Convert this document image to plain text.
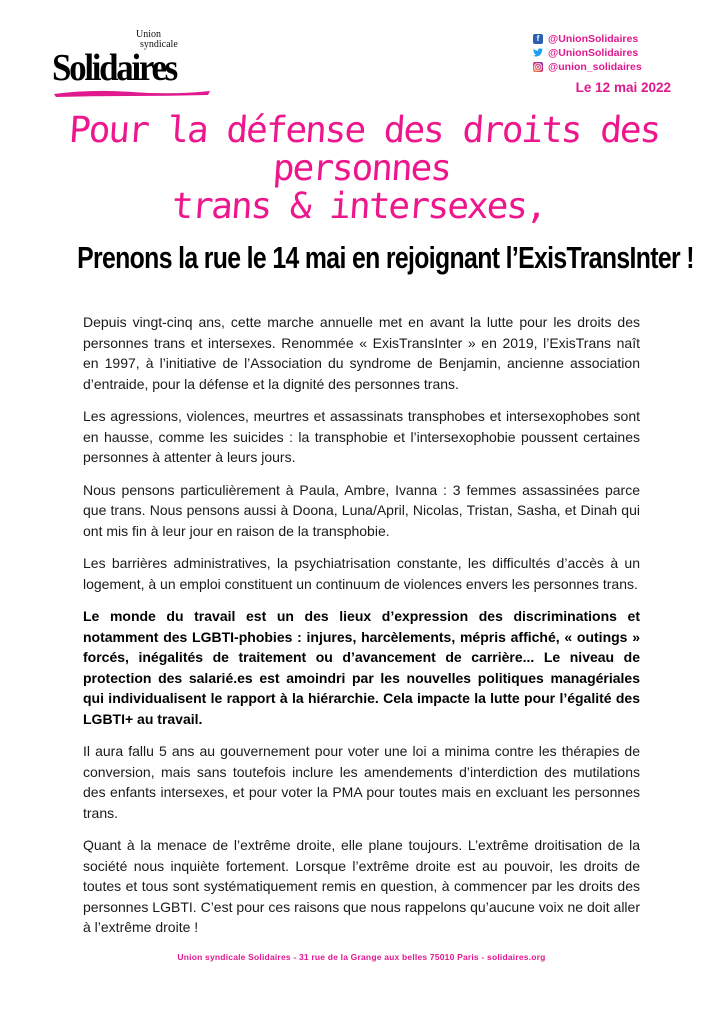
Union
syndicale
Solidaires
f @UnionSolidaires
@UnionSolidaires
@union_solidaires
Le 12 mai 2022
Pour la défense des droits des personnes
trans & intersexes,
Prenons la rue le 14 mai en rejoignant l’ExisTransInter !

Depuis vingt-cinq ans, cette marche annuelle met en avant la lutte pour les droits des personnes trans et intersexes. Renommée « ExisTransInter » en 2019, l’ExisTrans naît en 1997, à l’initiative de l’Association du syndrome de Benjamin, ancienne association d’entraide, pour la défense et la dignité des personnes trans.

Les agressions, violences, meurtres et assassinats transphobes et intersexophobes sont en hausse, comme les suicides : la transphobie et l’intersexophobie poussent certaines personnes à attenter à leurs jours.

Nous pensons particulièrement à Paula, Ambre, Ivanna : 3 femmes assassinées parce que trans. Nous pensons aussi à Doona, Luna/April, Nicolas, Tristan, Sasha, et Dinah qui ont mis fin à leur jour en raison de la transphobie.

Les barrières administratives, la psychiatrisation constante, les difficultés d’accès à un logement, à un emploi constituent un continuum de violences envers les personnes trans.

Le monde du travail est un des lieux d’expression des discriminations et notamment des LGBTI-phobies : injures, harcèlements, mépris affiché, « outings » forcés, inégalités de traitement ou d’avancement de carrière... Le niveau de protection des salarié.es est amoindri par les nouvelles politiques managériales qui individualisent le rapport à la hiérarchie. Cela impacte la lutte pour l’égalité des LGBTI+ au travail.

Il aura fallu 5 ans au gouvernement pour voter une loi a minima contre les thérapies de conversion, mais sans toutefois inclure les amendements d’interdiction des mutilations des enfants intersexes, et pour voter la PMA pour toutes mais en excluant les personnes trans.

Quant à la menace de l’extrême droite, elle plane toujours. L’extrême droitisation de la société nous inquiète fortement. Lorsque l’extrême droite est au pouvoir, les droits de toutes et tous sont systématiquement remis en question, à commencer par les droits des personnes LGBTI. C’est pour ces raisons que nous rappelons qu’aucune voix ne doit aller à l’extrême droite !

Union syndicale Solidaires - 31 rue de la Grange aux belles 75010 Paris - solidaires.org
